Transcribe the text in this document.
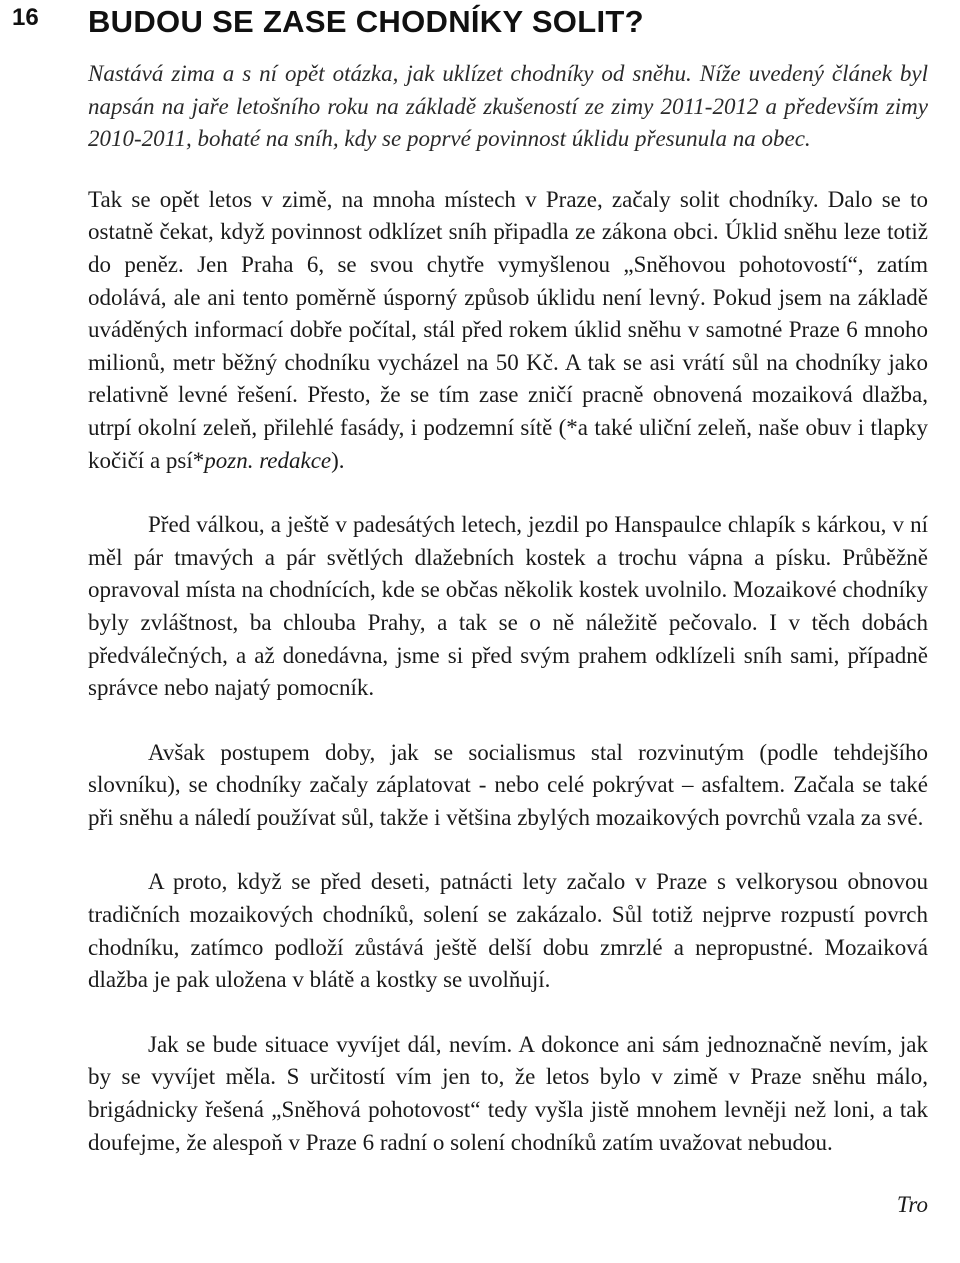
16 BUDOU SE ZASE CHODNÍKY SOLIT?

Nastává zima a s ní opět otázka, jak uklízet chodníky od sněhu. Níže uvedený článek byl napsán na jaře letošního roku na základě zkušeností ze zimy 2011-2012 a především zimy 2010-2011, bohaté na sníh, kdy se poprvé povinnost úklidu přesunula na obec.

Tak se opět letos v zimě, na mnoha místech v Praze, začaly solit chodníky. Dalo se to ostatně čekat, když povinnost odklízet sníh připadla ze zákona obci. Úklid sněhu leze totiž do peněz. Jen Praha 6, se svou chytře vymyšlenou „Sněhovou pohotovostí“, zatím odolává, ale ani tento poměrně úsporný způsob úklidu není levný. Pokud jsem na základě uváděných informací dobře počítal, stál před rokem úklid sněhu v samotné Praze 6 mnoho milionů, metr běžný chodníku vycházel na 50 Kč. A tak se asi vrátí sůl na chodníky jako relativně levné řešení. Přesto, že se tím zase zničí pracně obnovená mozaiková dlažba, utrpí okolní zeleň, přilehlé fasády, i podzemní sítě (*a také uliční zeleň, naše obuv i tlapky kočičí a psí*pozn. redakce).

Před válkou, a ještě v padesátých letech, jezdil po Hanspaulce chlapík s kárkou, v ní měl pár tmavých a pár světlých dlažebních kostek a trochu vápna a písku. Průběžně opravoval místa na chodnících, kde se občas několik kostek uvolnilo. Mozaikové chodníky byly zvláštnost, ba chlouba Prahy, a tak se o ně náležitě pečovalo. I v těch dobách předválečných, a až donedávna, jsme si před svým prahem odklízeli sníh sami, případně správce nebo najatý pomocník.

Avšak postupem doby, jak se socialismus stal rozvinutým (podle tehdejšího slovníku), se chodníky začaly záplatovat - nebo celé pokrývat – asfaltem. Začala se také při sněhu a náledí používat sůl, takže i většina zbylých mozaikových povrchů vzala za své.

A proto, když se před deseti, patnácti lety začalo v Praze s velkorysou obnovou tradičních mozaikových chodníků, solení se zakázalo. Sůl totiž nejprve rozpustí povrch chodníku, zatímco podloží zůstává ještě delší dobu zmrzlé a nepropustné. Mozaiková dlažba je pak uložena v blátě a kostky se uvolňují.

Jak se bude situace vyvíjet dál, nevím. A dokonce ani sám jednoznačně nevím, jak by se vyvíjet měla. S určitostí vím jen to, že letos bylo v zimě v Praze sněhu málo, brigádnicky řešená „Sněhová pohotovost“ tedy vyšla jistě mnohem levněji než loni, a tak doufejme, že alespoň v Praze 6 radní o solení chodníků zatím uvažovat nebudou.

Tro
